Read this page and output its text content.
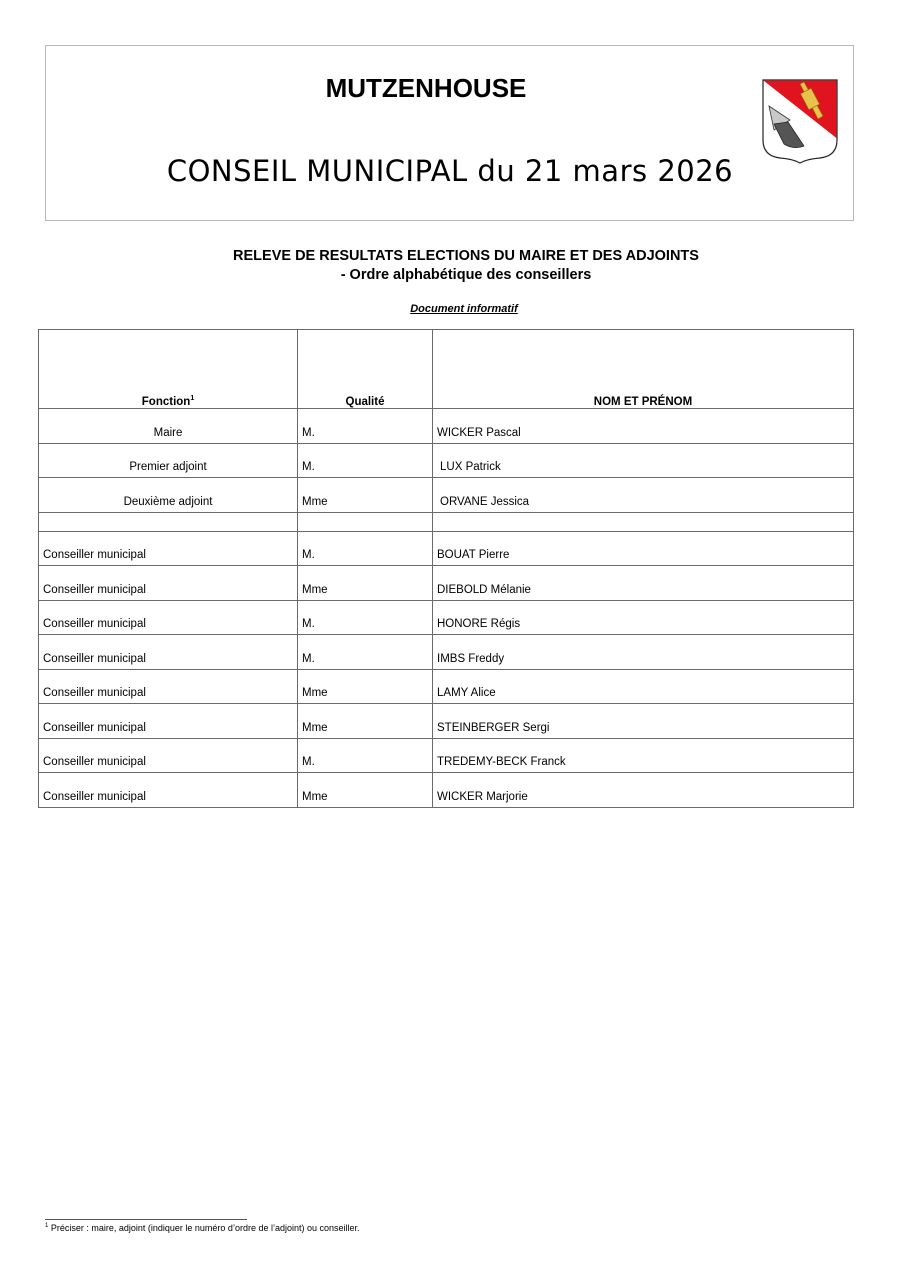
MUTZENHOUSE
CONSEIL MUNICIPAL du 21 mars 2026
RELEVE DE RESULTATS ELECTIONS DU MAIRE ET DES ADJOINTS
- Ordre alphabétique des conseillers
Document informatif
Fonction$^1$	Qualité	NOM ET PRÉNOM
Maire	M.	WICKER Pascal
Premier adjoint	M.	LUX Patrick
Deuxième adjoint	Mme	ORVANE Jessica

Conseiller municipal	M.	BOUAT Pierre
Conseiller municipal	Mme	DIEBOLD Mélanie
Conseiller municipal	M.	HONORE Régis
Conseiller municipal	M.	IMBS Freddy
Conseiller municipal	Mme	LAMY Alice
Conseiller municipal	Mme	STEINBERGER Sergi
Conseiller municipal	M.	TREDEMY-BECK Franck
Conseiller municipal	Mme	WICKER Marjorie
$^1$ Préciser : maire, adjoint (indiquer le numéro d’ordre de l’adjoint) ou conseiller.
